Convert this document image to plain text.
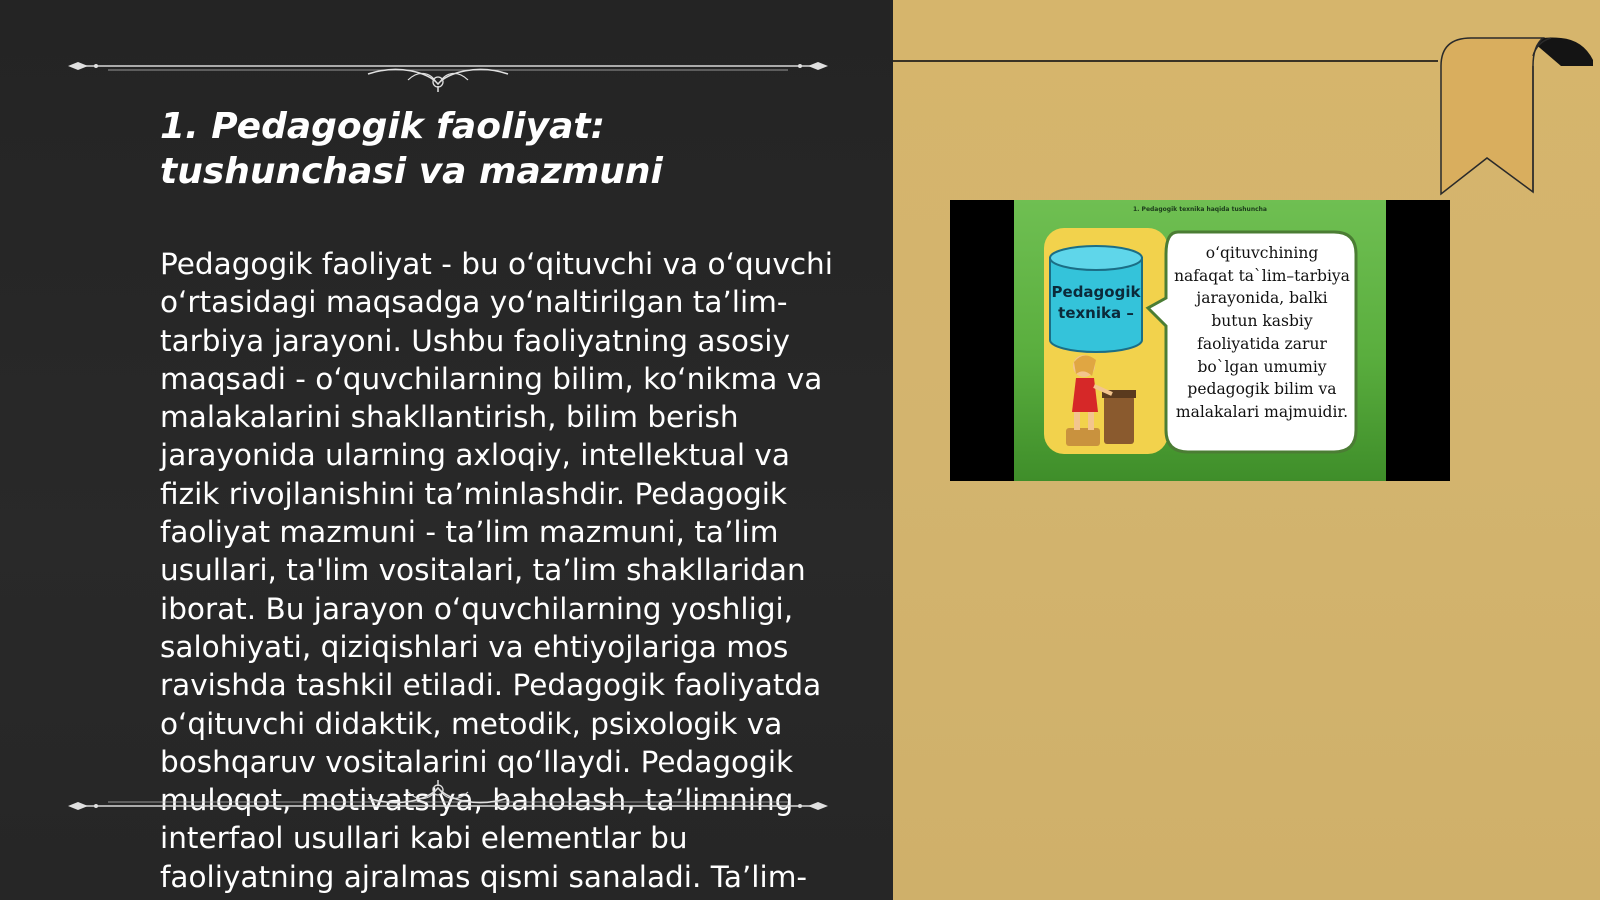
1. Pedagogik faoliyat: tushunchasi va mazmuni

Pedagogik faoliyat - bu o‘qituvchi va o‘quvchi o‘rtasidagi maqsadga yo‘naltirilgan ta’lim-tarbiya jarayoni. Ushbu faoliyatning asosiy maqsadi - o‘quvchilarning bilim, ko‘nikma va malakalarini shakllantirish, bilim berish jarayonida ularning axloqiy, intellektual va fizik rivojlanishini ta’minlashdir. Pedagogik faoliyat mazmuni - ta’lim mazmuni, ta’lim usullari, ta'lim vositalari, ta’lim shakllaridan iborat. Bu jarayon o‘quvchilarning yoshligi, salohiyati, qiziqishlari va ehtiyojlariga mos ravishda tashkil etiladi. Pedagogik faoliyatda o‘qituvchi didaktik, metodik, psixologik va boshqaruv vositalarini qo‘llaydi. Pedagogik muloqot, motivatsiya, baholash, ta’limning interfaol usullari kabi elementlar bu faoliyatning ajralmas qismi sanaladi. Ta’lim-

1. Pedagogik texnika haqida tushuncha
Pedagogik texnika –

o‘qituvchining nafaqat ta`lim–tarbiya jarayonida, balki butun kasbiy faoliyatida zarur bo`lgan umumiy pedagogik bilim va malakalari majmuidir.
